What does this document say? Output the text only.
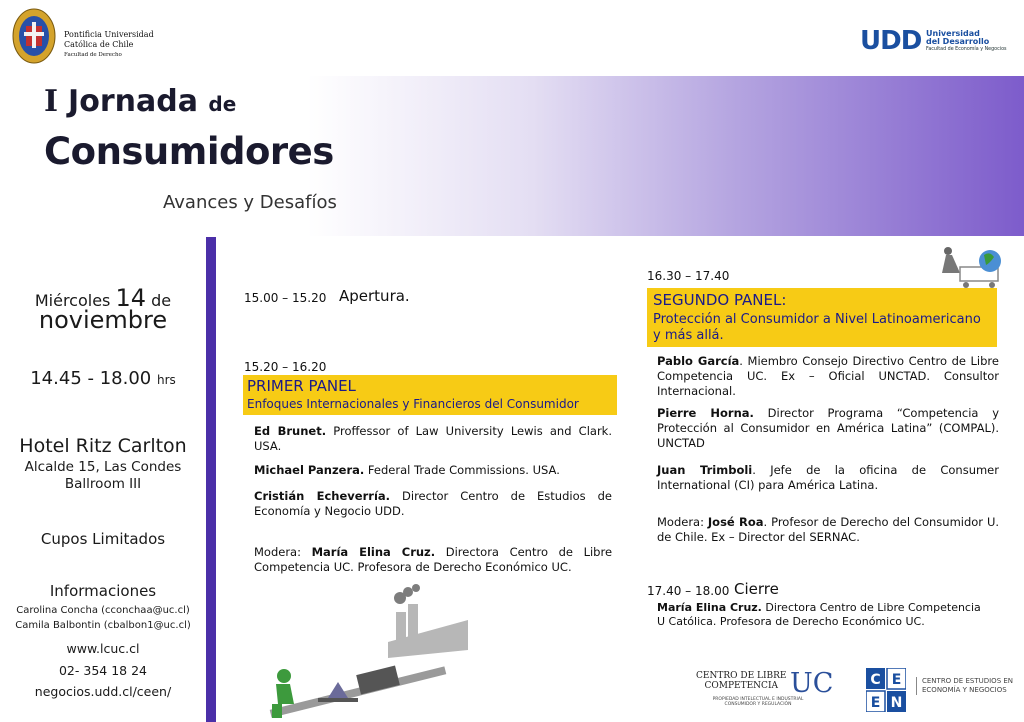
Pontificia Universidad
Católica de Chile
Facultad de Derecho	UDD Universidad
del Desarrollo
Facultad de Economía y Negocios
I Jornada de
Consumidores
Avances y Desafíos
Miércoles 14 de
noviembre
14.45 - 18.00 hrs
Hotel Ritz Carlton
Alcalde 15, Las Condes
Ballroom III
Cupos Limitados
Informaciones
Carolina Concha (cconchaa@uc.cl)
Camila Balbontin (cbalbon1@uc.cl)
www.lcuc.cl
02- 354 18 24
negocios.udd.cl/ceen/
15.00 – 15.20 Apertura.
15.20 – 16.20
PRIMER PANEL
Enfoques Internacionales y Financieros del Consumidor
Ed Brunet. Proffessor of Law University Lewis and Clark. USA.
Michael Panzera. Federal Trade Commissions. USA.
Cristián Echeverría. Director Centro de Estudios de Economía y Negocio UDD.
Modera: María Elina Cruz. Directora Centro de Libre Competencia UC. Profesora de Derecho Económico UC.
16.30 – 17.40
SEGUNDO PANEL:
Protección al Consumidor a Nivel Latinoamericano
y más allá.
Pablo García. Miembro Consejo Directivo Centro de Libre Competencia UC. Ex – Oficial UNCTAD. Consultor Internacional.
Pierre Horna. Director Programa “Competencia y Protección al Consumidor en América Latina” (COMPAL). UNCTAD
Juan Trimboli. Jefe de la oficina de Consumer International (CI) para América Latina.
Modera: José Roa. Profesor de Derecho del Consumidor U. de Chile. Ex – Director del SERNAC.
17.40 – 18.00 Cierre
María Elina Cruz. Directora Centro de Libre Competencia U Católica. Profesora de Derecho Económico UC.
CENTRO DE LIBRE
COMPETENCIA UC
PROPIEDAD INTELECTUAL E INDUSTRIAL
CONSUMIDOR Y REGULACIÓN
C E
E N
CENTRO DE ESTUDIOS EN
ECONOMÍA Y NEGOCIOS
